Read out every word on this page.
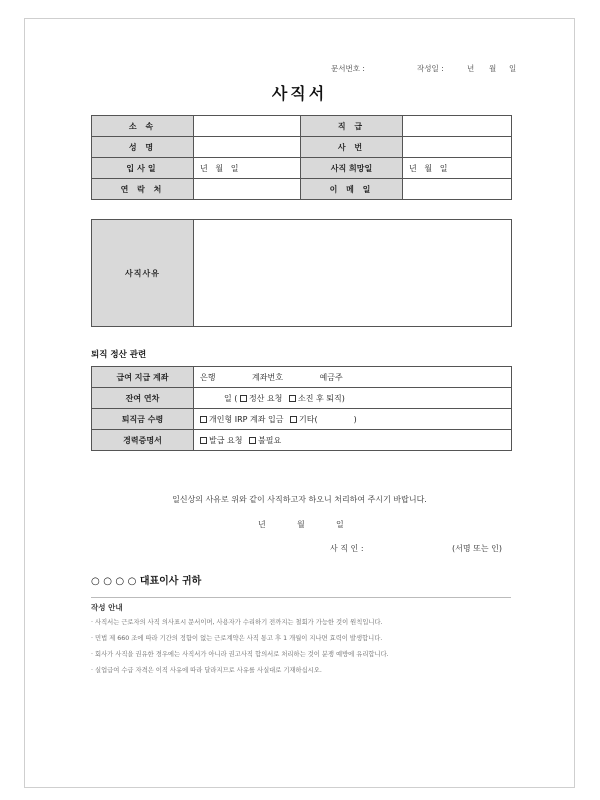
문서번호 :	작성일 :	년 월 일
사직서
소 속		직 급	
성 명		사 번	
입사일	년   월   일	사직 희망일	년   월   일
연 락 처		이 메 일	
사직사유	
퇴직 정산 관련
급여 지급 계좌	은행 계좌번호 예금주
잔여 연차	일 ( 정산 요청 소진 후 퇴직)
퇴직금 수령	개인형 IRP 계좌 입금 기타( )
경력증명서	발급 요청 불필요
일신상의 사유로 위와 같이 사직하고자 하오니 처리하여 주시기 바랍니다.
년	월	일
사 직 인 :	(서명 또는 인)
○ ○ ○ ○ 대표이사 귀하
작성 안내
· 사직서는 근로자의 사직 의사표시 문서이며, 사용자가 수리하기 전까지는 철회가 가능한 것이 원칙입니다.
· 민법 제 660 조에 따라 기간의 정함이 없는 근로계약은 사직 통고 후 1 개월이 지나면 효력이 발생합니다.
· 회사가 사직을 권유한 경우에는 사직서가 아니라 권고사직 합의서로 처리하는 것이 분쟁 예방에 유리합니다.
· 실업급여 수급 자격은 이직 사유에 따라 달라지므로 사유를 사실대로 기재하십시오.
